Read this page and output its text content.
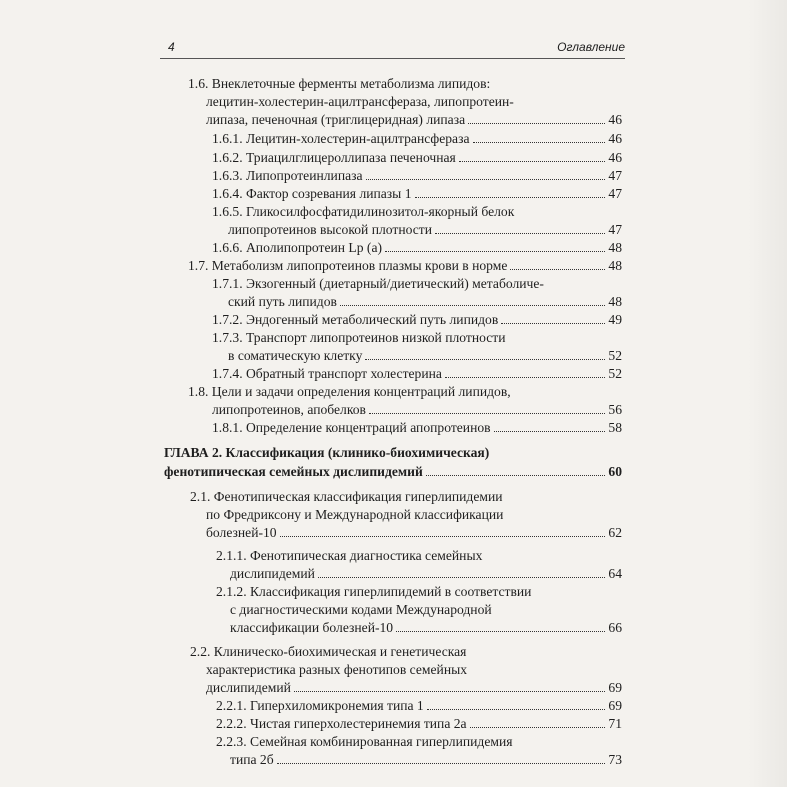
4	Оглавление
1.6. Внеклеточные ферменты метаболизма липидов:
лецитин-холестерин-ацилтрансфераза, липопротеин-
липаза, печеночная (триглицеридная) липаза	46
1.6.1. Лецитин-холестерин-ацилтрансфераза	46
1.6.2. Триацилглицероллипаза печеночная	46
1.6.3. Липопротеинлипаза	47
1.6.4. Фактор созревания липазы 1	47
1.6.5. Гликосилфосфатидилинозитол-якорный белок
липопротеинов высокой плотности	47
1.6.6. Аполипопротеин Lp (a)	48
1.7. Метаболизм липопротеинов плазмы крови в норме	48
1.7.1. Экзогенный (диетарный/диетический) метаболиче-
ский путь липидов	48
1.7.2. Эндогенный метаболический путь липидов	49
1.7.3. Транспорт липопротеинов низкой плотности
в соматическую клетку	52
1.7.4. Обратный транспорт холестерина	52
1.8. Цели и задачи определения концентраций липидов,
липопротеинов, апобелков	56
1.8.1. Определение концентраций апопротеинов	58
ГЛАВА 2. Классификация (клинико-биохимическая)
фенотипическая семейных дислипидемий	60
2.1. Фенотипическая классификация гиперлипидемии
по Фредриксону и Международной классификации
болезней-10	62
2.1.1. Фенотипическая диагностика семейных
дислипидемий	64
2.1.2. Классификация гиперлипидемий в соответствии
с диагностическими кодами Международной
классификации болезней-10	66
2.2. Клиническо-биохимическая и генетическая
характеристика разных фенотипов семейных
дислипидемий	69
2.2.1. Гиперхиломикронемия типа 1	69
2.2.2. Чистая гиперхолестеринемия типа 2а	71
2.2.3. Семейная комбинированная гиперлипидемия
типа 2б	73
